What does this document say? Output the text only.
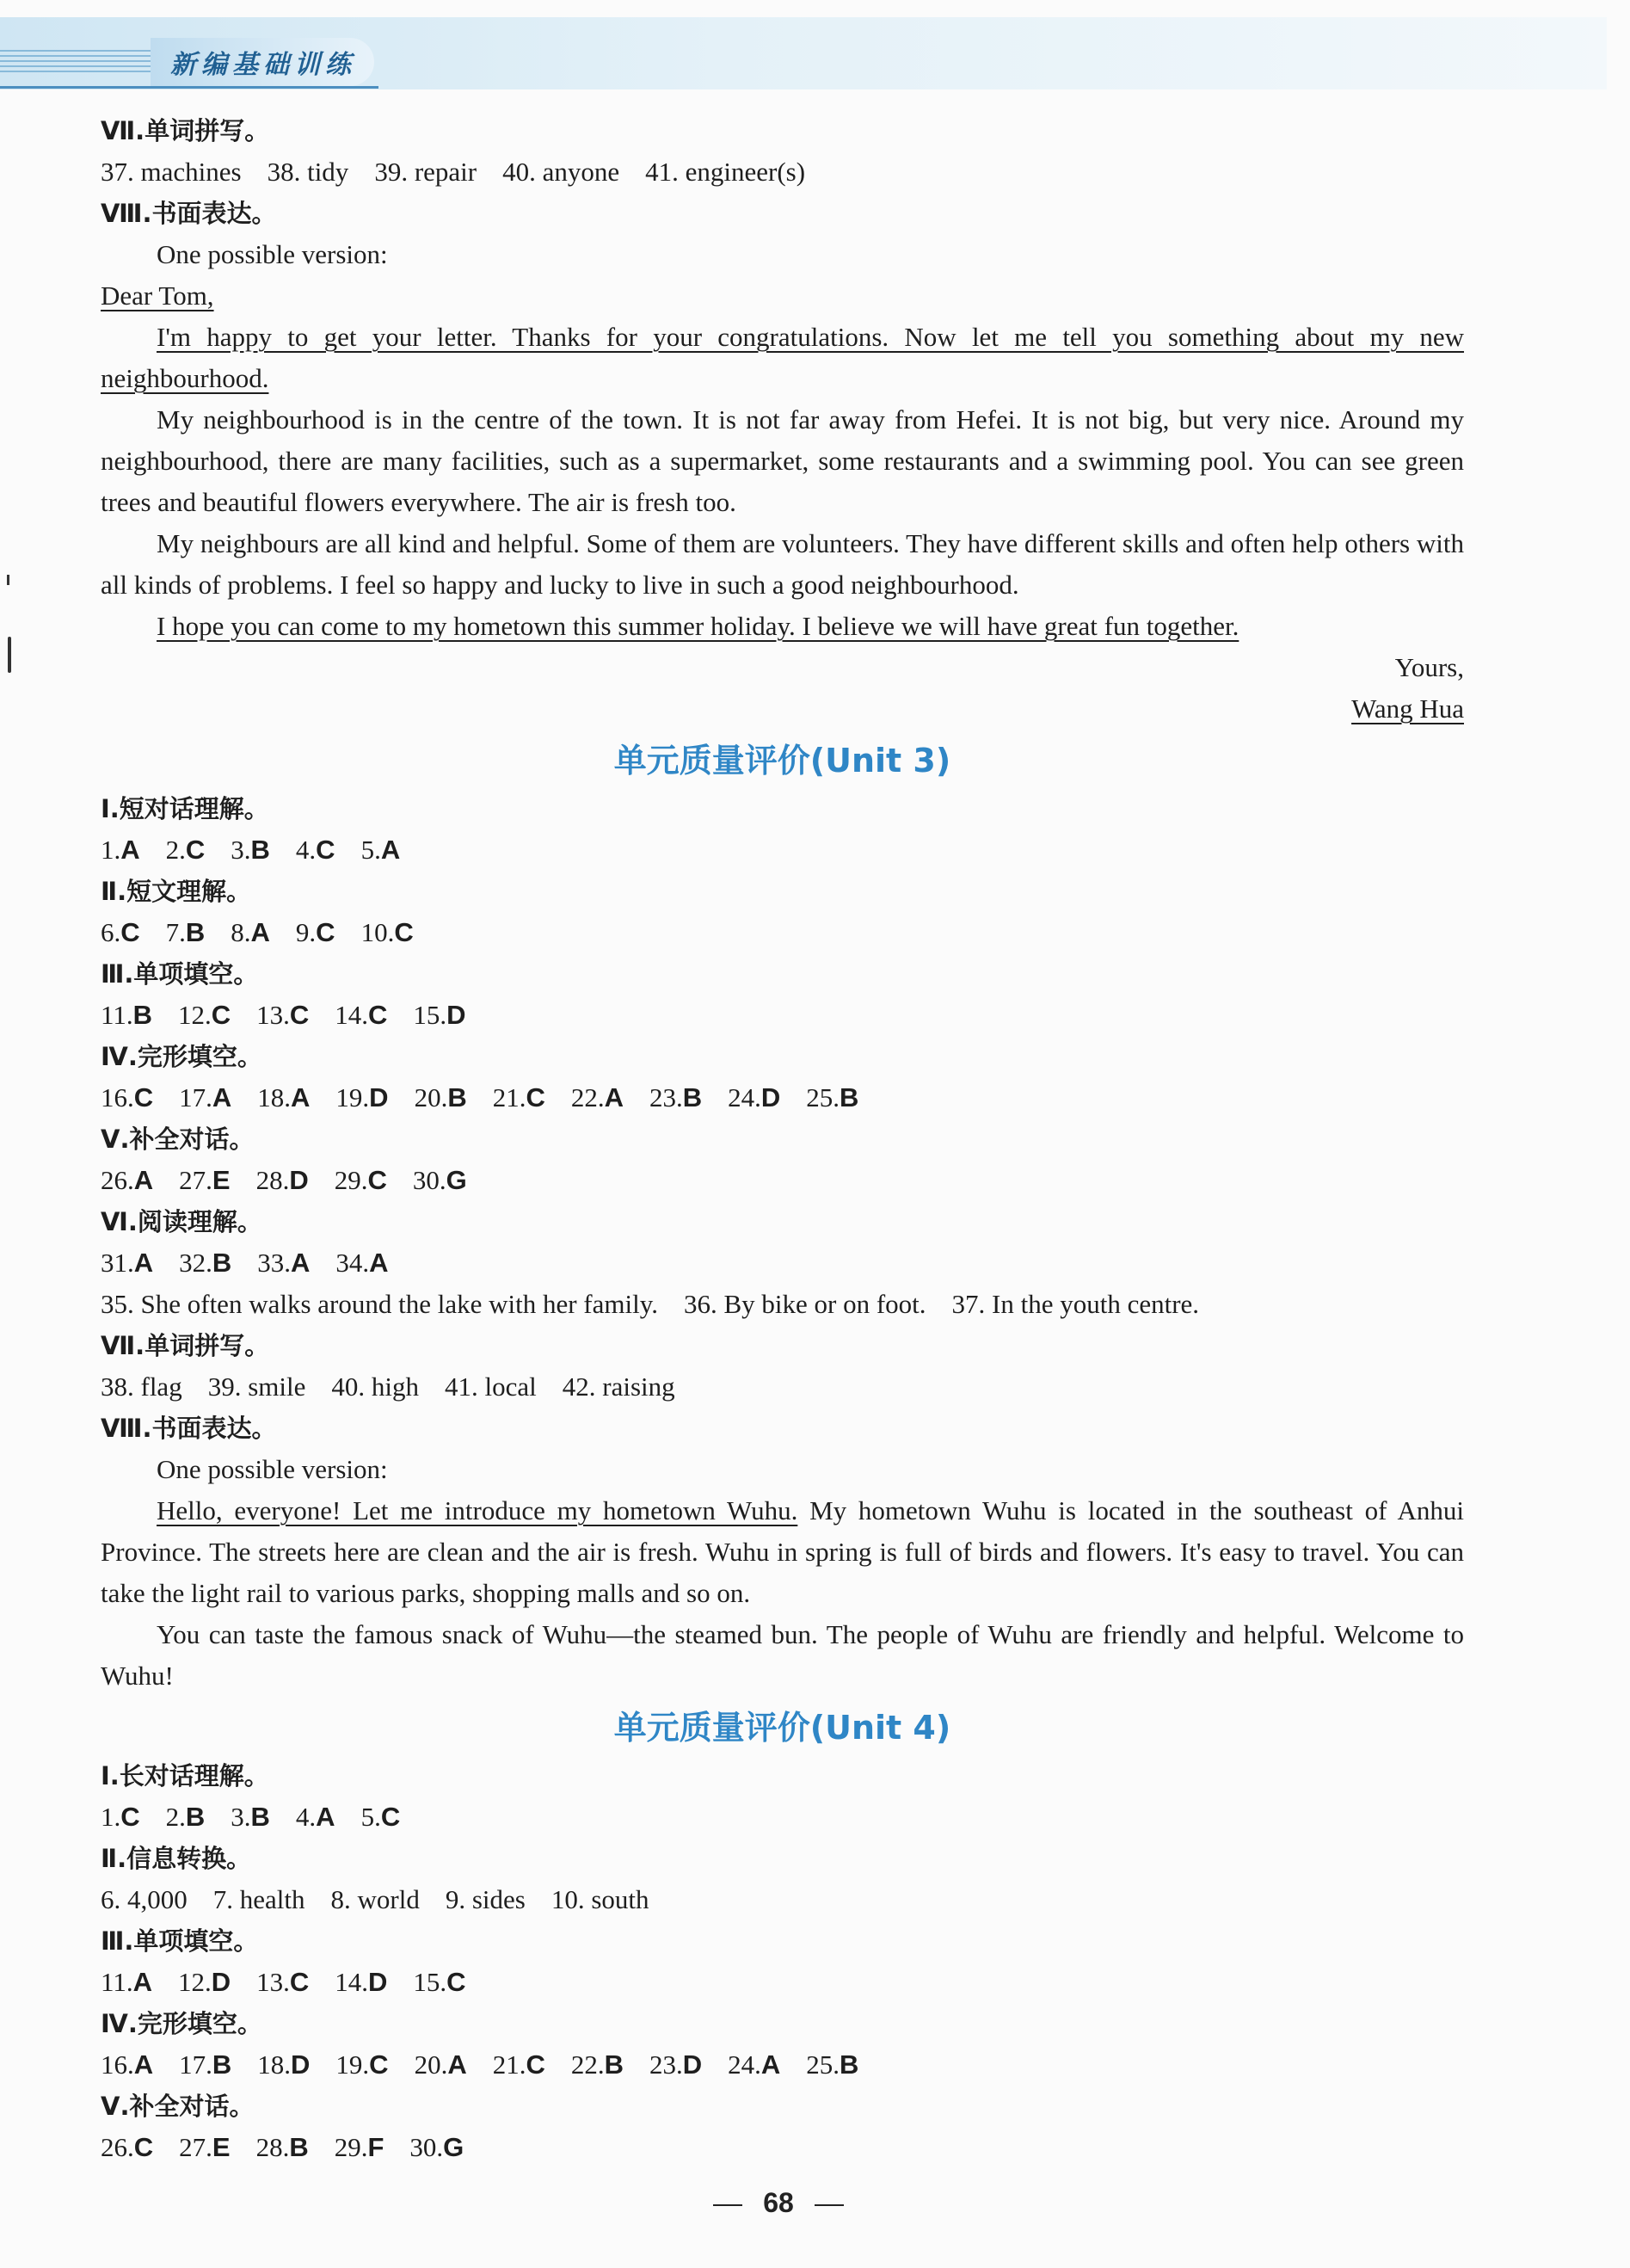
新编基础训练
Ⅶ.单词拼写。
37. machines 38. tidy 39. repair 40. anyone 41. engineer(s)
Ⅷ.书面表达。
One possible version:
Dear Tom,
I'm happy to get your letter. Thanks for your congratulations. Now let me tell you something about my new neighbourhood.
My neighbourhood is in the centre of the town. It is not far away from Hefei. It is not big, but very nice. Around my neighbourhood, there are many facilities, such as a supermarket, some restaurants and a swimming pool. You can see green trees and beautiful flowers everywhere. The air is fresh too.
My neighbours are all kind and helpful. Some of them are volunteers. They have different skills and often help others with all kinds of problems. I feel so happy and lucky to live in such a good neighbourhood.
I hope you can come to my hometown this summer holiday. I believe we will have great fun together.
Yours,
Wang Hua
单元质量评价(Unit 3)
Ⅰ.短对话理解。
1.A 2.C 3.B 4.C 5.A
Ⅱ.短文理解。
6.C 7.B 8.A 9.C 10.C
Ⅲ.单项填空。
11.B 12.C 13.C 14.C 15.D
Ⅳ.完形填空。
16.C 17.A 18.A 19.D 20.B 21.C 22.A 23.B 24.D 25.B
Ⅴ.补全对话。
26.A 27.E 28.D 29.C 30.G
Ⅵ.阅读理解。
31.A 32.B 33.A 34.A
35. She often walks around the lake with her family. 36. By bike or on foot. 37. In the youth centre.
Ⅶ.单词拼写。
38. flag 39. smile 40. high 41. local 42. raising
Ⅷ.书面表达。
One possible version:
Hello, everyone! Let me introduce my hometown Wuhu. My hometown Wuhu is located in the southeast of Anhui Province. The streets here are clean and the air is fresh. Wuhu in spring is full of birds and flowers. It's easy to travel. You can take the light rail to various parks, shopping malls and so on.
You can taste the famous snack of Wuhu—the steamed bun. The people of Wuhu are friendly and helpful. Welcome to Wuhu!
单元质量评价(Unit 4)
Ⅰ.长对话理解。
1.C 2.B 3.B 4.A 5.C
Ⅱ.信息转换。
6. 4,000 7. health 8. world 9. sides 10. south
Ⅲ.单项填空。
11.A 12.D 13.C 14.D 15.C
Ⅳ.完形填空。
16.A 17.B 18.D 19.C 20.A 21.C 22.B 23.D 24.A 25.B
Ⅴ.补全对话。
26.C 27.E 28.B 29.F 30.G
68
